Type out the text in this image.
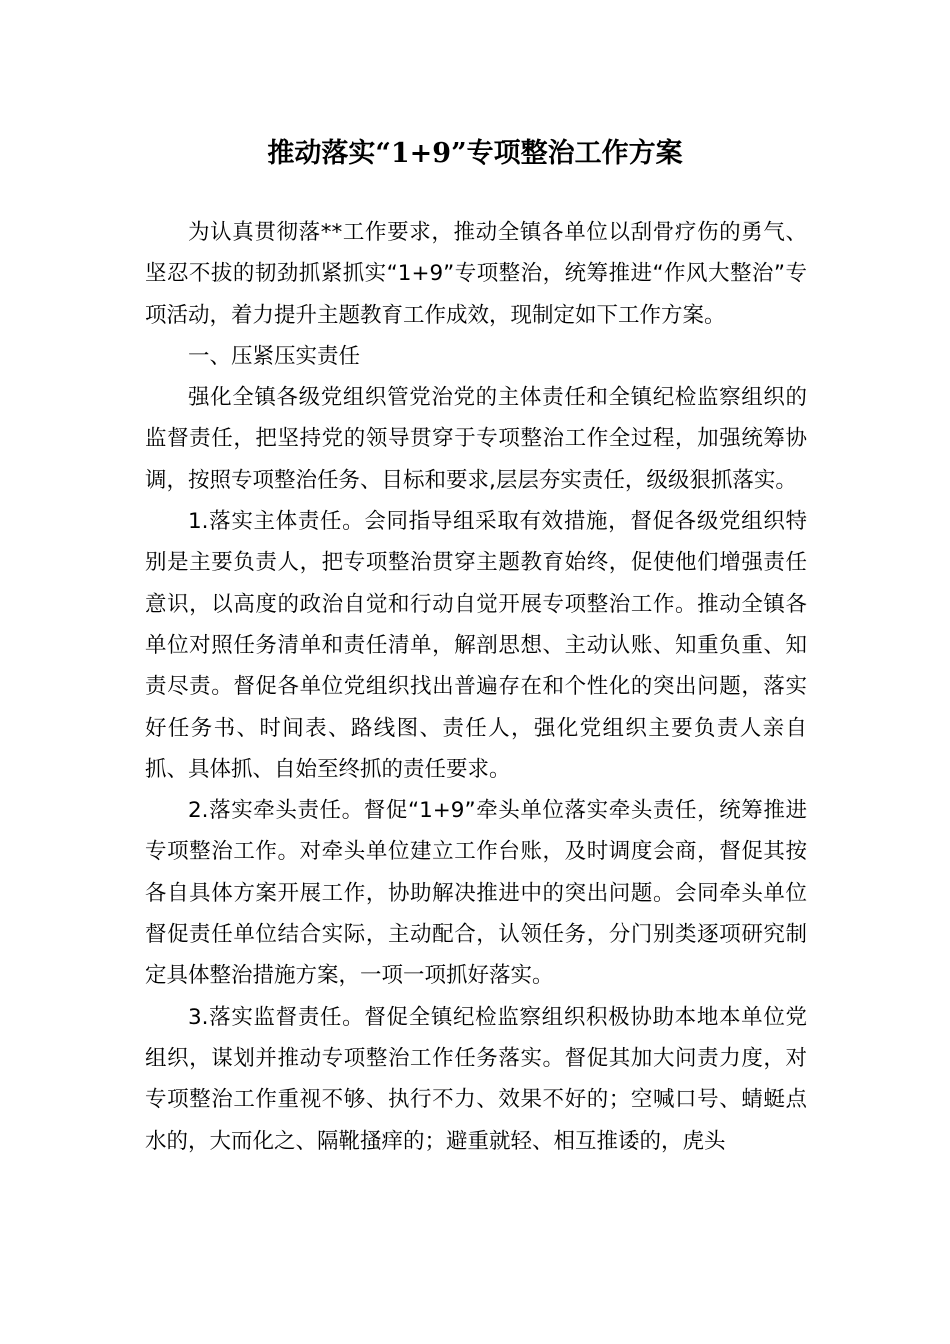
推动落实“1+9”专项整治工作方案

为认真贯彻落**工作要求，推动全镇各单位以刮骨疗伤的勇气、坚忍不拔的韧劲抓紧抓实“1+9”专项整治，统筹推进“作风大整治”专项活动，着力提升主题教育工作成效，现制定如下工作方案。

一、压紧压实责任

强化全镇各级党组织管党治党的主体责任和全镇纪检监察组织的监督责任，把坚持党的领导贯穿于专项整治工作全过程，加强统筹协调，按照专项整治任务、目标和要求,层层夯实责任，级级狠抓落实。

1.落实主体责任。会同指导组采取有效措施，督促各级党组织特别是主要负责人，把专项整治贯穿主题教育始终，促使他们增强责任意识，以高度的政治自觉和行动自觉开展专项整治工作。推动全镇各单位对照任务清单和责任清单，解剖思想、主动认账、知重负重、知责尽责。督促各单位党组织找出普遍存在和个性化的突出问题，落实好任务书、时间表、路线图、责任人，强化党组织主要负责人亲自抓、具体抓、自始至终抓的责任要求。

2.落实牵头责任。督促“1+9”牵头单位落实牵头责任，统筹推进专项整治工作。对牵头单位建立工作台账，及时调度会商，督促其按各自具体方案开展工作，协助解决推进中的突出问题。会同牵头单位督促责任单位结合实际，主动配合，认领任务，分门别类逐项研究制定具体整治措施方案，一项一项抓好落实。

3.落实监督责任。督促全镇纪检监察组织积极协助本地本单位党组织，谋划并推动专项整治工作任务落实。督促其加大问责力度，对专项整治工作重视不够、执行不力、效果不好的；空喊口号、蜻蜓点水的，大而化之、隔靴搔痒的；避重就轻、相互推诿的，虎头
